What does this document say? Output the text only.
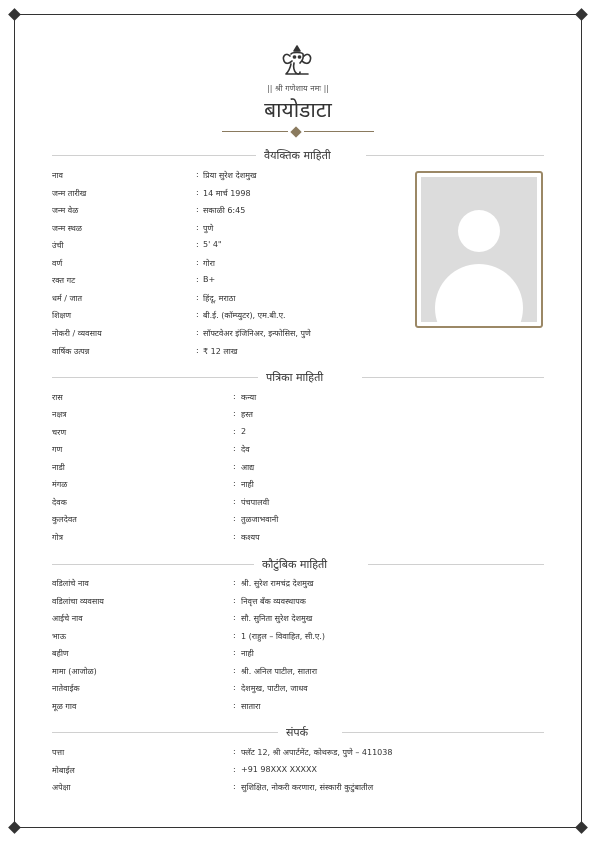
|| श्री गणेशाय नमः ||
बायोडाटा
वैयक्तिक माहिती
नाव	: प्रिया सुरेश देशमुख
जन्म तारीख	: 14 मार्च 1998
जन्म वेळ	: सकाळी 6:45
जन्म स्थळ	: पुणे
उंची	: 5' 4"
वर्ण	: गोरा
रक्त गट	: B+
धर्म / जात	: हिंदू, मराठा
शिक्षण	: बी.ई. (कॉम्प्युटर), एम.बी.ए.
नोकरी / व्यवसाय	: सॉफ्टवेअर इंजिनिअर, इन्फोसिस, पुणे
वार्षिक उत्पन्न	: ₹ 12 लाख
पत्रिका माहिती
रास	: कन्या
नक्षत्र	: हस्त
चरण	: 2
गण	: देव
नाडी	: आद्य
मंगळ	: नाही
देवक	: पंचपालवी
कुलदेवत	: तुळजाभवानी
गोत्र	: कश्यप
कौटुंबिक माहिती
वडिलांचे नाव	: श्री. सुरेश रामचंद्र देशमुख
वडिलांचा व्यवसाय	: निवृत्त बँक व्यवस्थापक
आईचे नाव	: सौ. सुनिता सुरेश देशमुख
भाऊ	: 1 (राहुल – विवाहित, सी.ए.)
बहीण	: नाही
मामा (आजोळ)	: श्री. अनिल पाटील, सातारा
नातेवाईक	: देशमुख, पाटील, जाधव
मूळ गाव	: सातारा
संपर्क
पत्ता	: फ्लॅट 12, श्री अपार्टमेंट, कोथरूड, पुणे – 411038
मोबाईल	: +91 98XXX XXXXX
अपेक्षा	: सुशिक्षित, नोकरी करणारा, संस्कारी कुटुंबातील
